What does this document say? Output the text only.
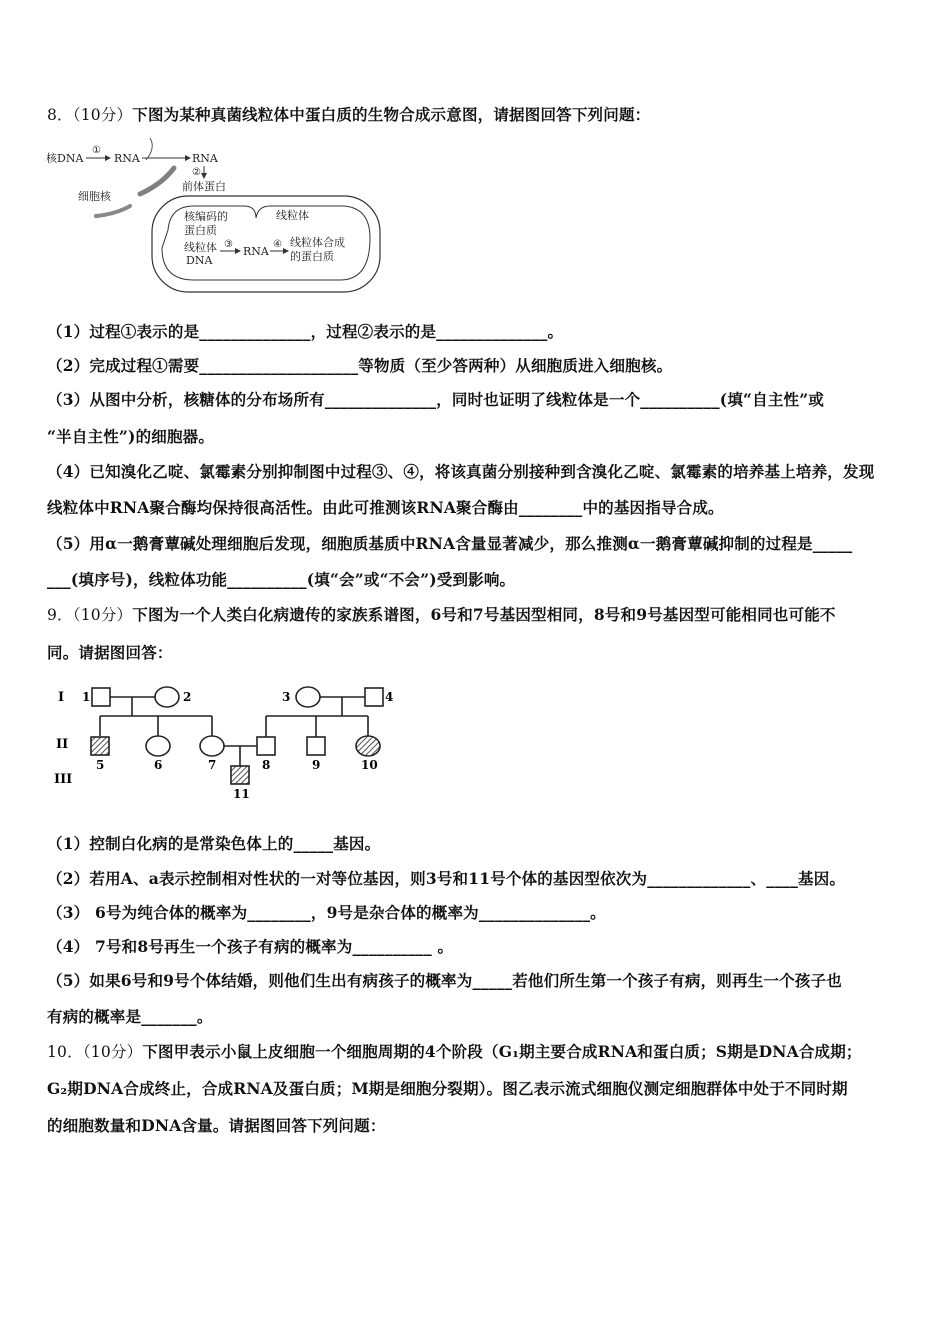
8．（10分）下图为某种真菌线粒体中蛋白质的生物合成示意图，请据图回答下列问题：
核DNA
①
RNA	RNA
②
前体蛋白
细胞核
线粒体
核编码的
蛋白质
线粒体
DNA
③
RNA
④ 线粒体合成
的蛋白质
（1）过程①表示的是______________，过程②表示的是______________。
（2）完成过程①需要____________________等物质（至少答两种）从细胞质进入细胞核。
（3）从图中分析，核糖体的分布场所有______________，同时也证明了线粒体是一个__________(填“自主性”或
“半自主性”)的细胞器。
（4）已知溴化乙啶、氯霉素分别抑制图中过程③、④，将该真菌分别接种到含溴化乙啶、氯霉素的培养基上培养，发现
线粒体中RNA聚合酶均保持很高活性。由此可推测该RNA聚合酶由________中的基因指导合成。
（5）用α一鹅膏蕈碱处理细胞后发现，细胞质基质中RNA含量显著减少，那么推测α一鹅膏蕈碱抑制的过程是_____
___(填序号)，线粒体功能__________(填“会”或“不会”)受到影响。
9．（10分）下图为一个人类白化病遗传的家族系谱图，6号和7号基因型相同，8号和9号基因型可能相同也可能不
同。请据图回答：
I
II
III
1	2	3	4
5	6	7	8	9	10
11
（1）控制白化病的是常染色体上的_____基因。
（2）若用A、a表示控制相对性状的一对等位基因，则3号和11号个体的基因型依次为_____________、____基因。
（3） 6号为纯合体的概率为________，9号是杂合体的概率为______________。
（4） 7号和8号再生一个孩子有病的概率为__________ 。
（5）如果6号和9号个体结婚，则他们生出有病孩子的概率为_____若他们所生第一个孩子有病，则再生一个孩子也
有病的概率是_______。
10．（10分）下图甲表示小鼠上皮细胞一个细胞周期的4个阶段（G₁期主要合成RNA和蛋白质；S期是DNA合成期；
G₂期DNA合成终止，合成RNA及蛋白质；M期是细胞分裂期）。图乙表示流式细胞仪测定细胞群体中处于不同时期
的细胞数量和DNA含量。请据图回答下列问题：
